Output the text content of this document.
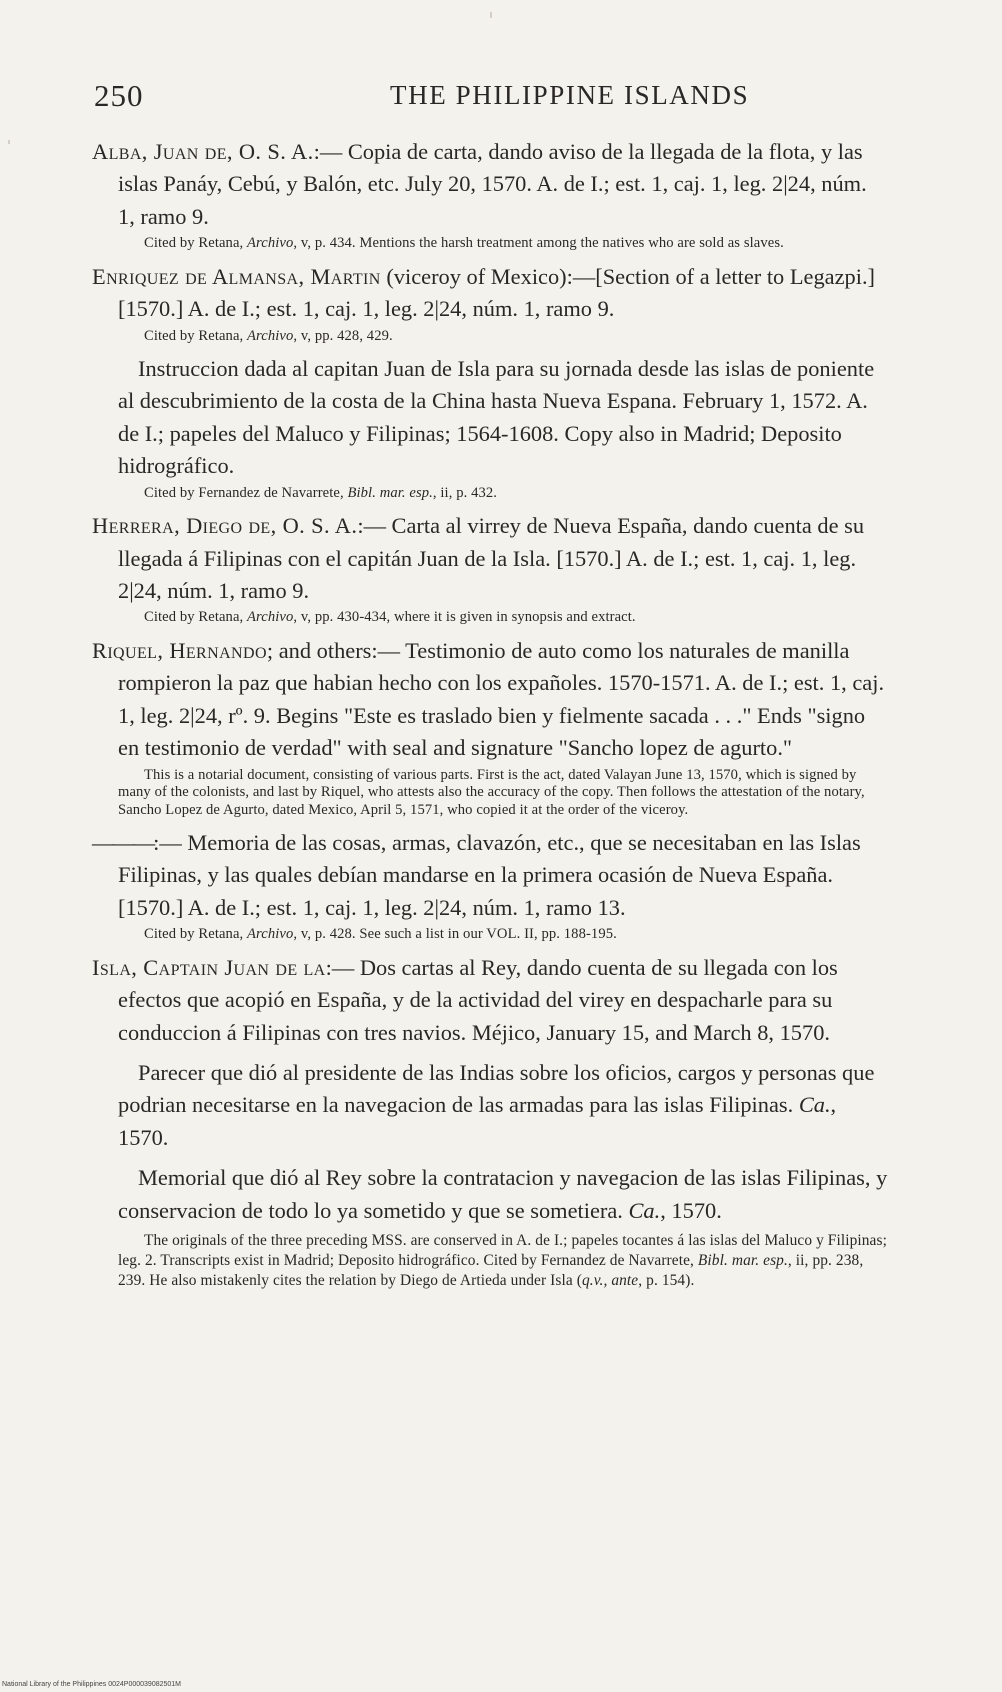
250	THE PHILIPPINE ISLANDS

Alba, Juan de, O. S. A.:— Copia de carta, dando aviso de la llegada de la flota, y las islas Panáy, Cebú, y Balón, etc. July 20, 1570. A. de I.; est. 1, caj. 1, leg. 2|24, núm. 1, ramo 9.

Cited by Retana, Archivo, v, p. 434. Mentions the harsh treatment among the natives who are sold as slaves.

Enriquez de Almansa, Martin (viceroy of Mexico):—[Section of a letter to Legazpi.] [1570.] A. de I.; est. 1, caj. 1, leg. 2|24, núm. 1, ramo 9.

Cited by Retana, Archivo, v, pp. 428, 429.

Instruccion dada al capitan Juan de Isla para su jornada desde las islas de poniente al descubrimiento de la costa de la China hasta Nueva Espana. February 1, 1572. A. de I.; papeles del Maluco y Filipinas; 1564-1608. Copy also in Madrid; Deposito hidrográfico.

Cited by Fernandez de Navarrete, Bibl. mar. esp., ii, p. 432.

Herrera, Diego de, O. S. A.:— Carta al virrey de Nueva España, dando cuenta de su llegada á Filipinas con el capitán Juan de la Isla. [1570.] A. de I.; est. 1, caj. 1, leg. 2|24, núm. 1, ramo 9.

Cited by Retana, Archivo, v, pp. 430-434, where it is given in synopsis and extract.

Riquel, Hernando; and others:— Testimonio de auto como los naturales de manilla rompieron la paz que habian hecho con los expañoles. 1570-1571. A. de I.; est. 1, caj. 1, leg. 2|24, rº. 9. Begins "Este es traslado bien y fielmente sacada . . ." Ends "signo en testimonio de verdad" with seal and signature "Sancho lopez de agurto."

This is a notarial document, consisting of various parts. First is the act, dated Valayan June 13, 1570, which is signed by many of the colonists, and last by Riquel, who attests also the accuracy of the copy. Then follows the attestation of the notary, Sancho Lopez de Agurto, dated Mexico, April 5, 1571, who copied it at the order of the viceroy.

———:— Memoria de las cosas, armas, clavazón, etc., que se necesitaban en las Islas Filipinas, y las quales debían mandarse en la primera ocasión de Nueva España. [1570.] A. de I.; est. 1, caj. 1, leg. 2|24, núm. 1, ramo 13.

Cited by Retana, Archivo, v, p. 428. See such a list in our VOL. II, pp. 188-195.

Isla, Captain Juan de la:— Dos cartas al Rey, dando cuenta de su llegada con los efectos que acopió en España, y de la actividad del virey en despacharle para su conduccion á Filipinas con tres navios. Méjico, January 15, and March 8, 1570.

Parecer que dió al presidente de las Indias sobre los oficios, cargos y personas que podrian necesitarse en la navegacion de las armadas para las islas Filipinas. Ca., 1570.

Memorial que dió al Rey sobre la contratacion y navegacion de las islas Filipinas, y conservacion de todo lo ya sometido y que se sometiera. Ca., 1570.

The originals of the three preceding MSS. are conserved in A. de I.; papeles tocantes á las islas del Maluco y Filipinas; leg. 2. Transcripts exist in Madrid; Deposito hidrográfico. Cited by Fernandez de Navarrete, Bibl. mar. esp., ii, pp. 238, 239. He also mistakenly cites the relation by Diego de Artieda under Isla (q.v., ante, p. 154).

National Library of the Philippines 0024P000039082501M
